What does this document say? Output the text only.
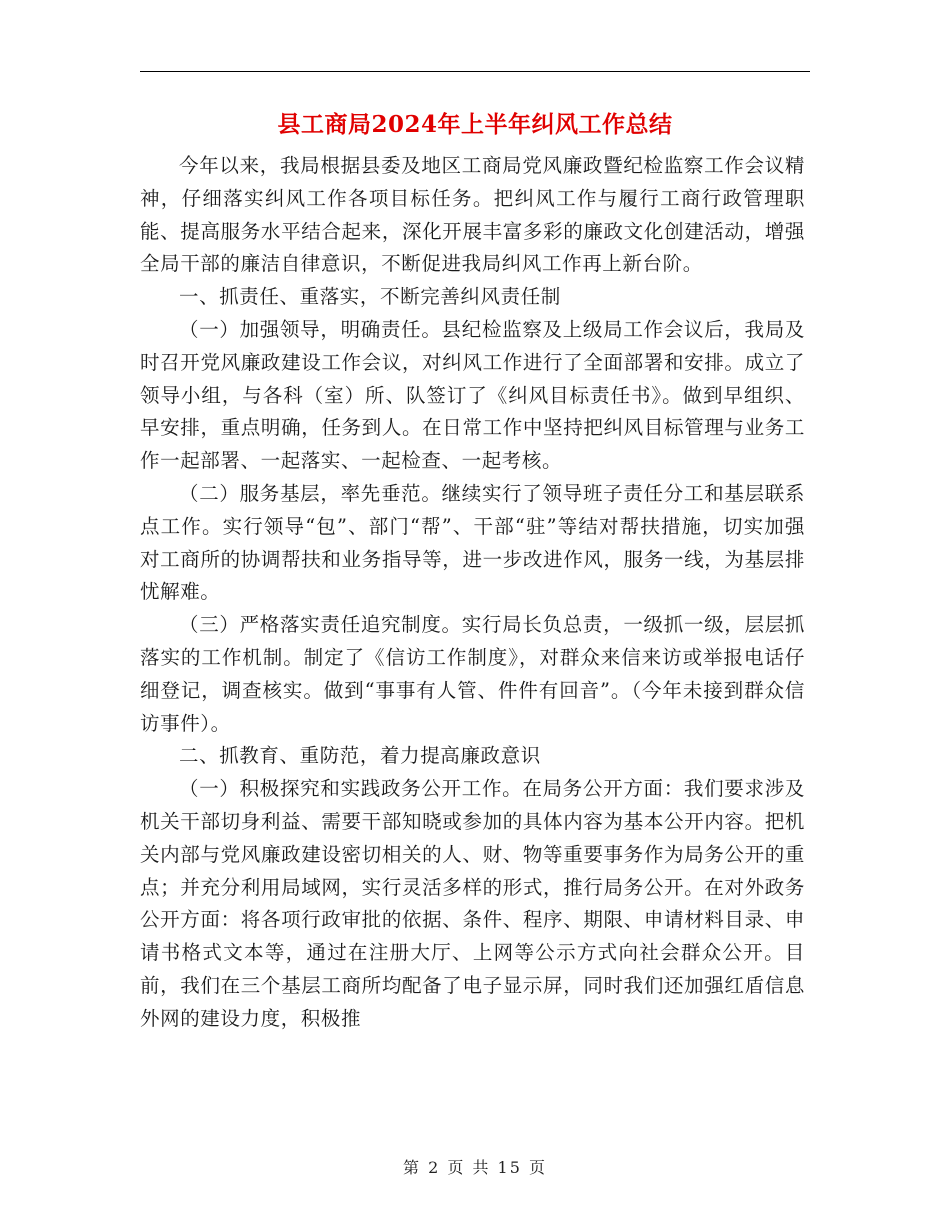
县工商局2024年上半年纠风工作总结

今年以来，我局根据县委及地区工商局党风廉政暨纪检监察工作会议精神，仔细落实纠风工作各项目标任务。把纠风工作与履行工商行政管理职能、提高服务水平结合起来，深化开展丰富多彩的廉政文化创建活动，增强全局干部的廉洁自律意识，不断促进我局纠风工作再上新台阶。

一、抓责任、重落实，不断完善纠风责任制

（一）加强领导，明确责任。县纪检监察及上级局工作会议后，我局及时召开党风廉政建设工作会议，对纠风工作进行了全面部署和安排。成立了领导小组，与各科（室）所、队签订了《纠风目标责任书》。做到早组织、早安排，重点明确，任务到人。在日常工作中坚持把纠风目标管理与业务工作一起部署、一起落实、一起检查、一起考核。

（二）服务基层，率先垂范。继续实行了领导班子责任分工和基层联系点工作。实行领导“包”、部门“帮”、干部“驻”等结对帮扶措施，切实加强对工商所的协调帮扶和业务指导等，进一步改进作风，服务一线，为基层排忧解难。

（三）严格落实责任追究制度。实行局长负总责，一级抓一级，层层抓落实的工作机制。制定了《信访工作制度》，对群众来信来访或举报电话仔细登记，调查核实。做到“事事有人管、件件有回音”。（今年未接到群众信访事件）。

二、抓教育、重防范，着力提高廉政意识

（一）积极探究和实践政务公开工作。在局务公开方面：我们要求涉及机关干部切身利益、需要干部知晓或参加的具体内容为基本公开内容。把机关内部与党风廉政建设密切相关的人、财、物等重要事务作为局务公开的重点；并充分利用局域网，实行灵活多样的形式，推行局务公开。在对外政务公开方面：将各项行政审批的依据、条件、程序、期限、申请材料目录、申请书格式文本等，通过在注册大厅、上网等公示方式向社会群众公开。目前，我们在三个基层工商所均配备了电子显示屏，同时我们还加强红盾信息外网的建设力度，积极推

第 2 页 共 15 页
